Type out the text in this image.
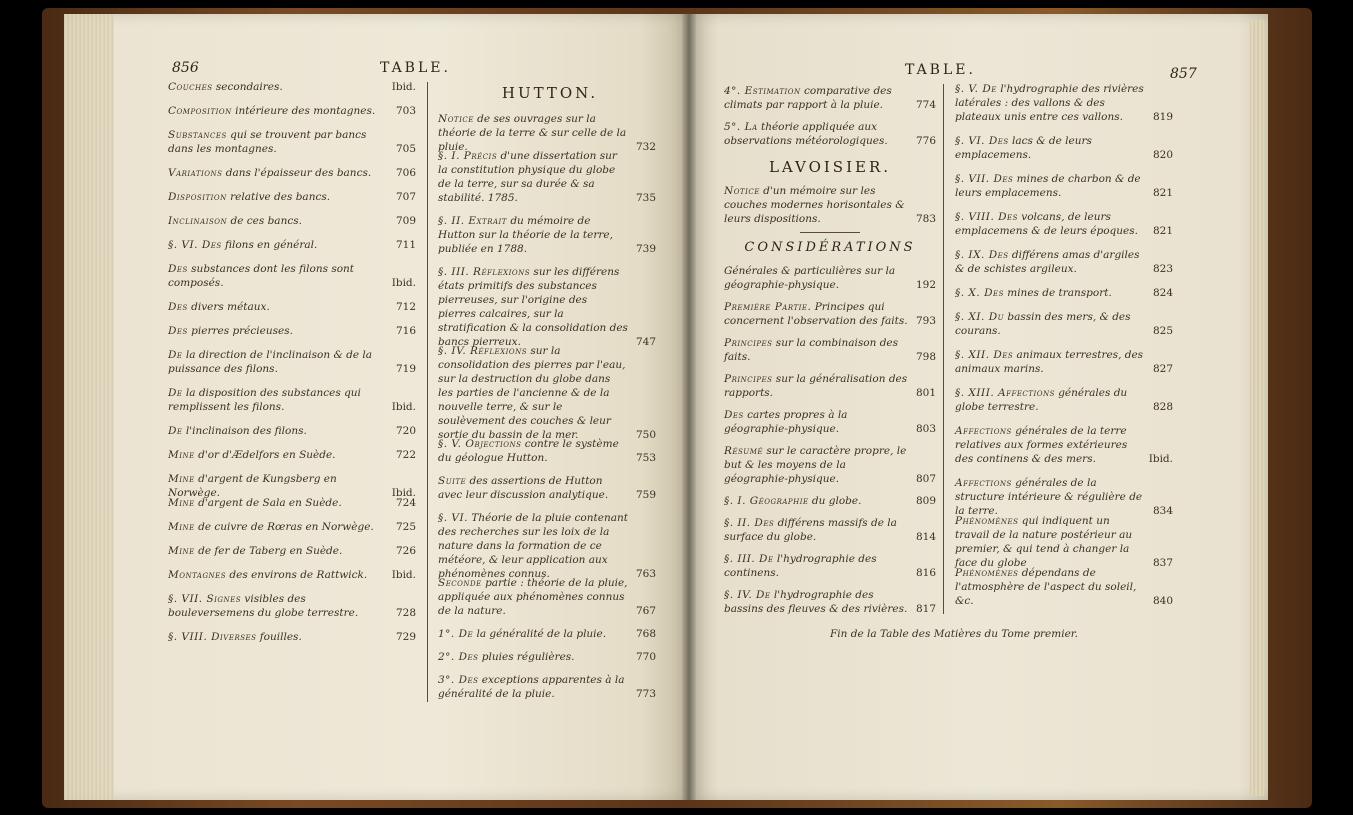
856	TABLE.
Couches secondaires.	Ibid.
Composition intérieure des montagnes. 703
Substances qui se trouvent par bancs dans les montagnes.	705
Variations dans l'épaisseur des bancs. 706
Disposition relative des bancs.	707
Inclinaison de ces bancs.	709
§. VI. Des filons en général.	711
Des substances dont les filons sont composés.	Ibid.
Des divers métaux.	712
Des pierres précieuses.	716
De la direction de l'inclinaison & de la puissance des filons.	719
De la disposition des substances qui remplissent les filons.	Ibid.
De l'inclinaison des filons.	720
Mine d'or d'Ædelfors en Suède.	722
Mine d'argent de Kungsberg en Norwège.	Ibid.
Mine d'argent de Sala en Suède.	724
Mine de cuivre de Rœras en Norwège. 725
Mine de fer de Taberg en Suède.	726
Montagnes des environs de Rattwick. Ibid.
§. VII. Signes visibles des bouleversemens du globe terrestre.	728
§. VIII. Diverses fouilles.	729
HUTTON.
Notice de ses ouvrages sur la théorie de la terre & sur celle de la pluie.	732
§. I. Précis d'une dissertation sur la constitution physique du globe de la terre, sur sa durée & sa stabilité. 1785.	735
§. II. Extrait du mémoire de Hutton sur la théorie de la terre, publiée en 1788.	739
§. III. Réflexions sur les différens états primitifs des substances pierreuses, sur l'origine des pierres calcaires, sur la stratification & la consolidation des bancs pierreux.	747
§. IV. Réflexions sur la consolidation des pierres par l'eau, sur la destruction du globe dans les parties de l'ancienne & de la nouvelle terre, & sur le soulèvement des couches & leur sortie du bassin de la mer.	750
§. V. Objections contre le système du géologue Hutton.	753
Suite des assertions de Hutton avec leur discussion analytique.	759
§. VI. Théorie de la pluie contenant des recherches sur les loix de la nature dans la formation de ce météore, & leur application aux phénomènes connus.	763
Seconde partie : théorie de la pluie, appliquée aux phénomènes connus de la nature.	767
1°. De la généralité de la pluie.	768
2°. Des pluies régulières.	770
3°. Des exceptions apparentes à la généralité de la pluie.	773
TABLE.	857
4°. Estimation comparative des climats par rapport à la pluie.	774
5°. La théorie appliquée aux observations météorologiques.	776
LAVOISIER.
Notice d'un mémoire sur les couches modernes horisontales & leurs dispositions.	783
CONSIDÉRATIONS
Générales & particulières sur la géographie-physique.	192
Première Partie. Principes qui concernent l'observation des faits. 793
Principes sur la combinaison des faits.	798
Principes sur la généralisation des rapports.	801
Des cartes propres à la géographie-physique.	803
Résumé sur le caractère propre, le but & les moyens de la géographie-physique.	807
§. I. Géographie du globe.	809
§. II. Des différens massifs de la surface du globe.	814
§. III. De l'hydrographie des continens.	816
§. IV. De l'hydrographie des bassins des fleuves & des rivières. 817
§. V. De l'hydrographie des rivières latérales : des vallons & des plateaux unis entre ces vallons.	819
§. VI. Des lacs & de leurs emplacemens.	820
§. VII. Des mines de charbon & de leurs emplacemens.	821
§. VIII. Des volcans, de leurs emplacemens & de leurs époques. 821
§. IX. Des différens amas d'argiles & de schistes argileux.	823
§. X. Des mines de transport.	824
§. XI. Du bassin des mers, & des courans.	825
§. XII. Des animaux terrestres, des animaux marins.	827
§. XIII. Affections générales du globe terrestre.	828
Affections générales de la terre relatives aux formes extérieures des continens & des mers.	Ibid.
Affections générales de la structure intérieure & régulière de la terre.	834
Phénomènes qui indiquent un travail de la nature postérieur au premier, & qui tend à changer la face du globe	837
Phénomènes dépendans de l'atmosphère de l'aspect du soleil, &c.	840
Fin de la Table des Matières du Tome premier.
